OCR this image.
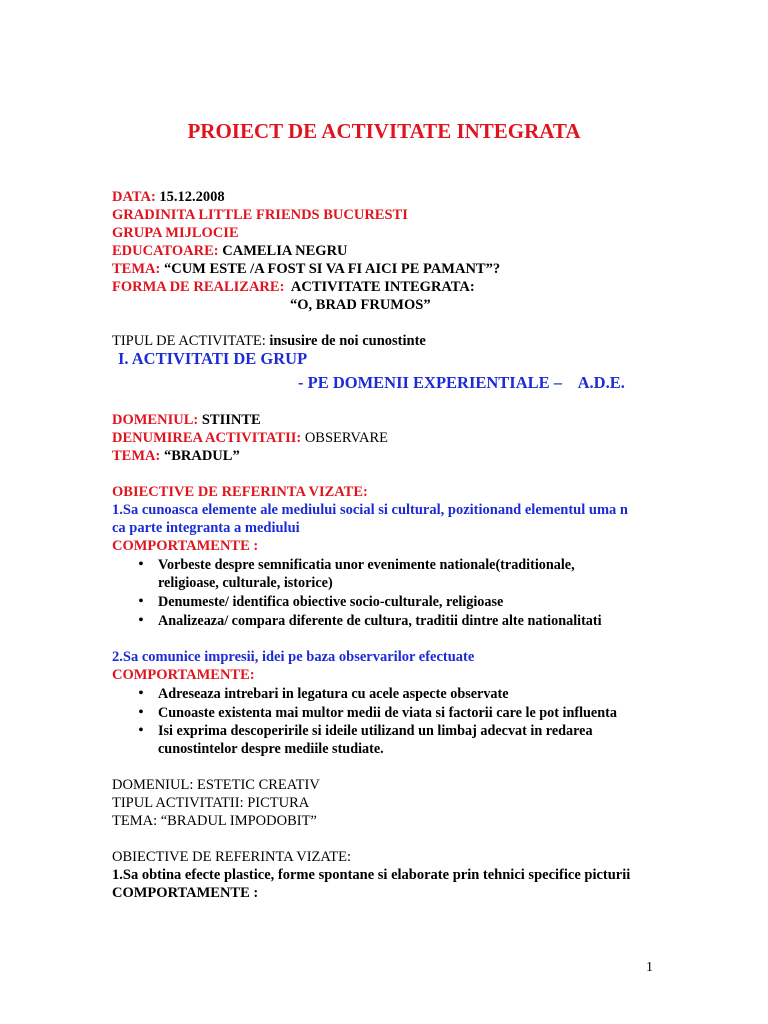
PROIECT DE ACTIVITATE INTEGRATA
DATA: 15.12.2008
GRADINITA LITTLE FRIENDS BUCURESTI
GRUPA MIJLOCIE
EDUCATOARE: CAMELIA NEGRU
TEMA: “CUM ESTE /A FOST SI VA FI AICI PE PAMANT”?
FORMA DE REALIZARE: ACTIVITATE INTEGRATA:
“O, BRAD FRUMOS”
TIPUL DE ACTIVITATE: insusire de noi cunostinte
I. ACTIVITATI DE GRUP
- PE DOMENII EXPERIENTIALE –    A.D.E.
DOMENIUL: STIINTE
DENUMIREA ACTIVITATII: OBSERVARE
TEMA: “BRADUL”
OBIECTIVE DE REFERINTA VIZATE:
1.Sa cunoasca elemente ale mediului social si cultural, pozitionand elementul uma n
ca parte integranta a mediului
COMPORTAMENTE :
•	Vorbeste despre semnificatia unor evenimente nationale(traditionale,
religioase, culturale, istorice)
•	Denumeste/ identifica obiective socio-culturale, religioase
•	Analizeaza/ compara diferente de cultura, traditii dintre alte nationalitati
2.Sa comunice impresii, idei pe baza observarilor efectuate
COMPORTAMENTE:
•	Adreseaza intrebari in legatura cu acele aspecte observate
•	Cunoaste existenta mai multor medii de viata si factorii care le pot influenta
•	Isi exprima descoperirile si ideile utilizand un limbaj adecvat in redarea
cunostintelor despre mediile studiate.
DOMENIUL: ESTETIC CREATIV
TIPUL ACTIVITATII: PICTURA
TEMA: “BRADUL IMPODOBIT”
OBIECTIVE DE REFERINTA VIZATE:
1.Sa obtina efecte plastice, forme spontane si elaborate prin tehnici specifice picturii
COMPORTAMENTE :
1
